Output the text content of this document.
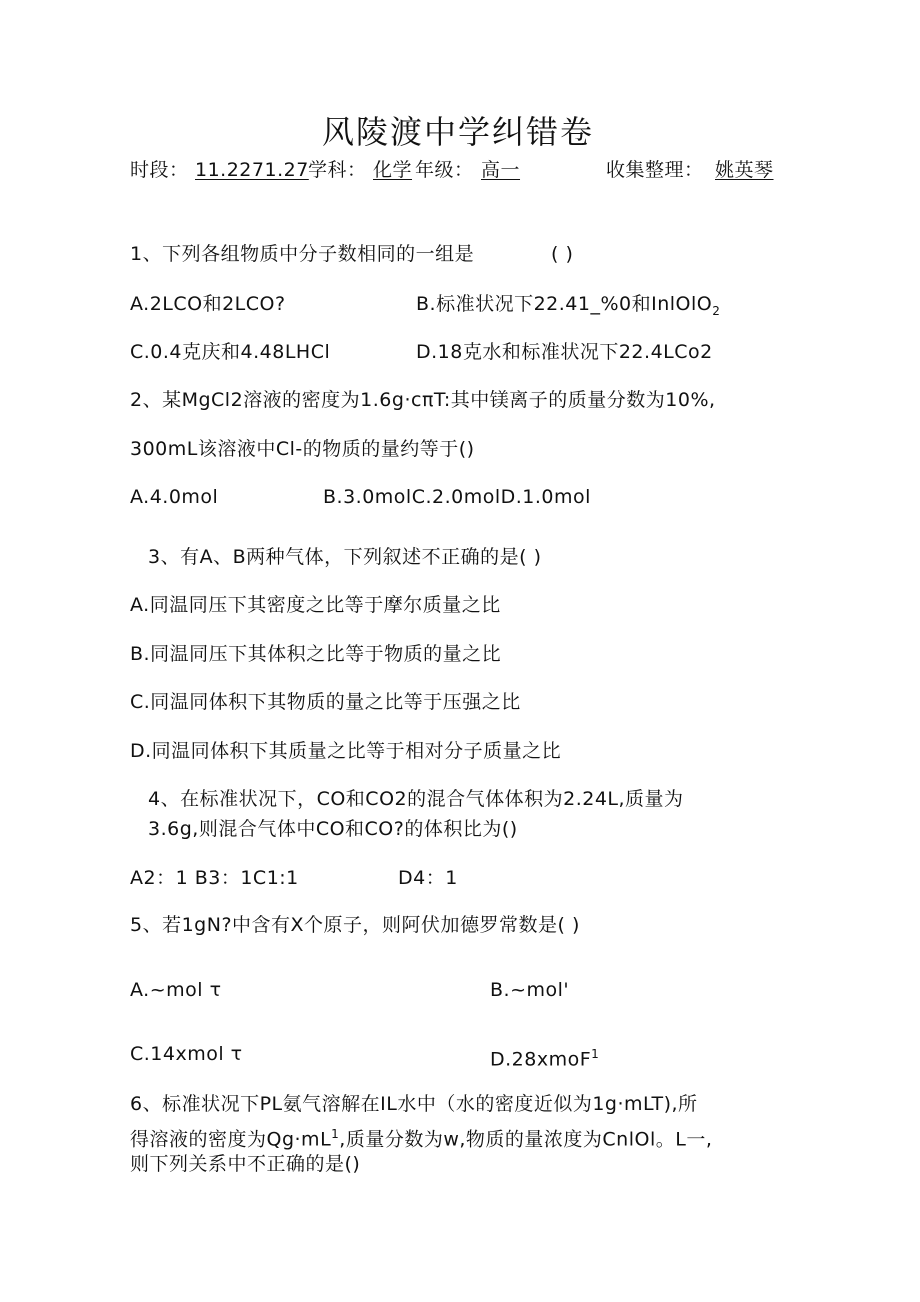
风陵渡中学纠错卷
时段： 11.2271.27 学科： 化学 年级： 高一	收集整理： 姚英琴
1、下列各组物质中分子数相同的一组是	( )
A.2LCO和2LCO?	B.标准状况下22.41_%0和InlOlO$_2$
C.0.4克庆和4.48LHCl	D.18克水和标准状况下22.4LCo2
2、某MgCl2溶液的密度为1.6g·cπT:其中镁离子的质量分数为10%,
300mL该溶液中Cl-的物质的量约等于()
A.4.0mol	B.3.0molC.2.0molD.1.0mol
3、有A、B两种气体，下列叙述不正确的是( )
A.同温同压下其密度之比等于摩尔质量之比
B.同温同压下其体积之比等于物质的量之比
C.同温同体积下其物质的量之比等于压强之比
D.同温同体积下其质量之比等于相对分子质量之比
4、在标准状况下，CO和CO2的混合气体体积为2.24L,质量为
3.6g,则混合气体中CO和CO?的体积比为()
A2：1 B3：1C1:1	D4：1
5、若1gN?中含有X个原子，则阿伏加德罗常数是( )
A.~mol τ	B.~mol'
C.14xmol τ	D.28xmoF$^1$
6、标准状况下PL氨气溶解在IL水中（水的密度近似为1g·mLT),所
得溶液的密度为$Qg\cdot mL^1$,质量分数为w,物质的量浓度为CnlOl。L一,
则下列关系中不正确的是()
